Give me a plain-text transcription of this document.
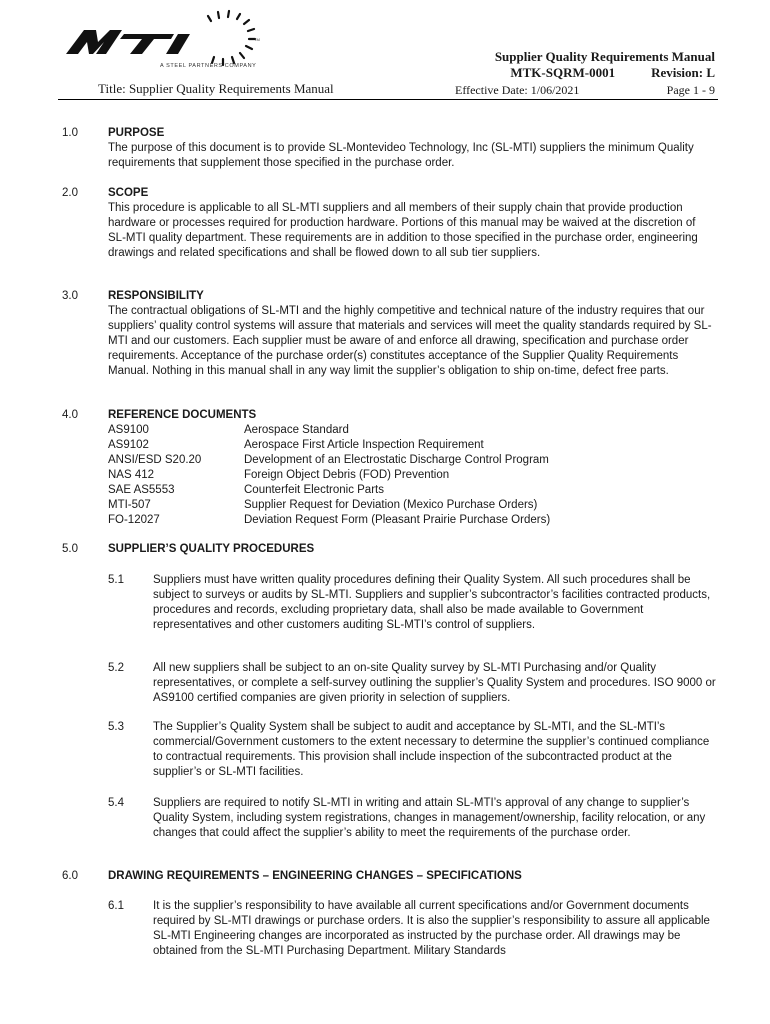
TM
A STEEL PARTNERS COMPANY
Title: Supplier Quality Requirements Manual
Supplier Quality Requirements Manual
MTK-SQRM-0001	Revision: L
Effective Date: 1/06/2021	Page 1 - 9
1.0	PURPOSE

The purpose of this document is to provide SL-Montevideo Technology, Inc (SL-MTI) suppliers the minimum Quality requirements that supplement those specified in the purchase order.

2.0	SCOPE

This procedure is applicable to all SL-MTI suppliers and all members of their supply chain that provide production hardware or processes required for production hardware. Portions of this manual may be waived at the discretion of SL-MTI quality department. These requirements are in addition to those specified in the purchase order, engineering drawings and related specifications and shall be flowed down to all sub tier suppliers.

3.0	RESPONSIBILITY

The contractual obligations of SL-MTI and the highly competitive and technical nature of the industry requires that our suppliers’ quality control systems will assure that materials and services will meet the quality standards required by SL-MTI and our customers. Each supplier must be aware of and enforce all drawing, specification and purchase order requirements. Acceptance of the purchase order(s) constitutes acceptance of the Supplier Quality Requirements Manual. Nothing in this manual shall in any way limit the supplier’s obligation to ship on-time, defect free parts.

4.0	REFERENCE DOCUMENTS
AS9100	Aerospace Standard
AS9102	Aerospace First Article Inspection Requirement
ANSI/ESD S20.20	Development of an Electrostatic Discharge Control Program
NAS 412	Foreign Object Debris (FOD) Prevention
SAE AS5553	Counterfeit Electronic Parts
MTI-507	Supplier Request for Deviation (Mexico Purchase Orders)
FO-12027	Deviation Request Form (Pleasant Prairie Purchase Orders)
5.0	SUPPLIER’S QUALITY PROCEDURES
5.1	Suppliers must have written quality procedures defining their Quality System. All such procedures shall be subject to surveys or audits by SL-MTI. Suppliers and supplier’s subcontractor’s facilities contracted products, procedures and records, excluding proprietary data, shall also be made available to Government representatives and other customers auditing SL-MTI’s control of suppliers.

5.2	All new suppliers shall be subject to an on-site Quality survey by SL-MTI Purchasing and/or Quality representatives, or complete a self-survey outlining the supplier’s Quality System and procedures. ISO 9000 or AS9100 certified companies are given priority in selection of suppliers.

5.3	The Supplier’s Quality System shall be subject to audit and acceptance by SL-MTI, and the SL-MTI’s commercial/Government customers to the extent necessary to determine the supplier’s continued compliance to contractual requirements. This provision shall include inspection of the subcontracted product at the supplier’s or SL-MTI facilities.

5.4	Suppliers are required to notify SL-MTI in writing and attain SL-MTI’s approval of any change to supplier’s Quality System, including system registrations, changes in management/ownership, facility relocation, or any changes that could affect the supplier’s ability to meet the requirements of the purchase order.

6.0	DRAWING REQUIREMENTS – ENGINEERING CHANGES – SPECIFICATIONS
6.1	It is the supplier’s responsibility to have available all current specifications and/or Government documents required by SL-MTI drawings or purchase orders. It is also the supplier’s responsibility to assure all applicable SL-MTI Engineering changes are incorporated as instructed by the purchase order. All drawings may be obtained from the SL-MTI Purchasing Department. Military Standards
